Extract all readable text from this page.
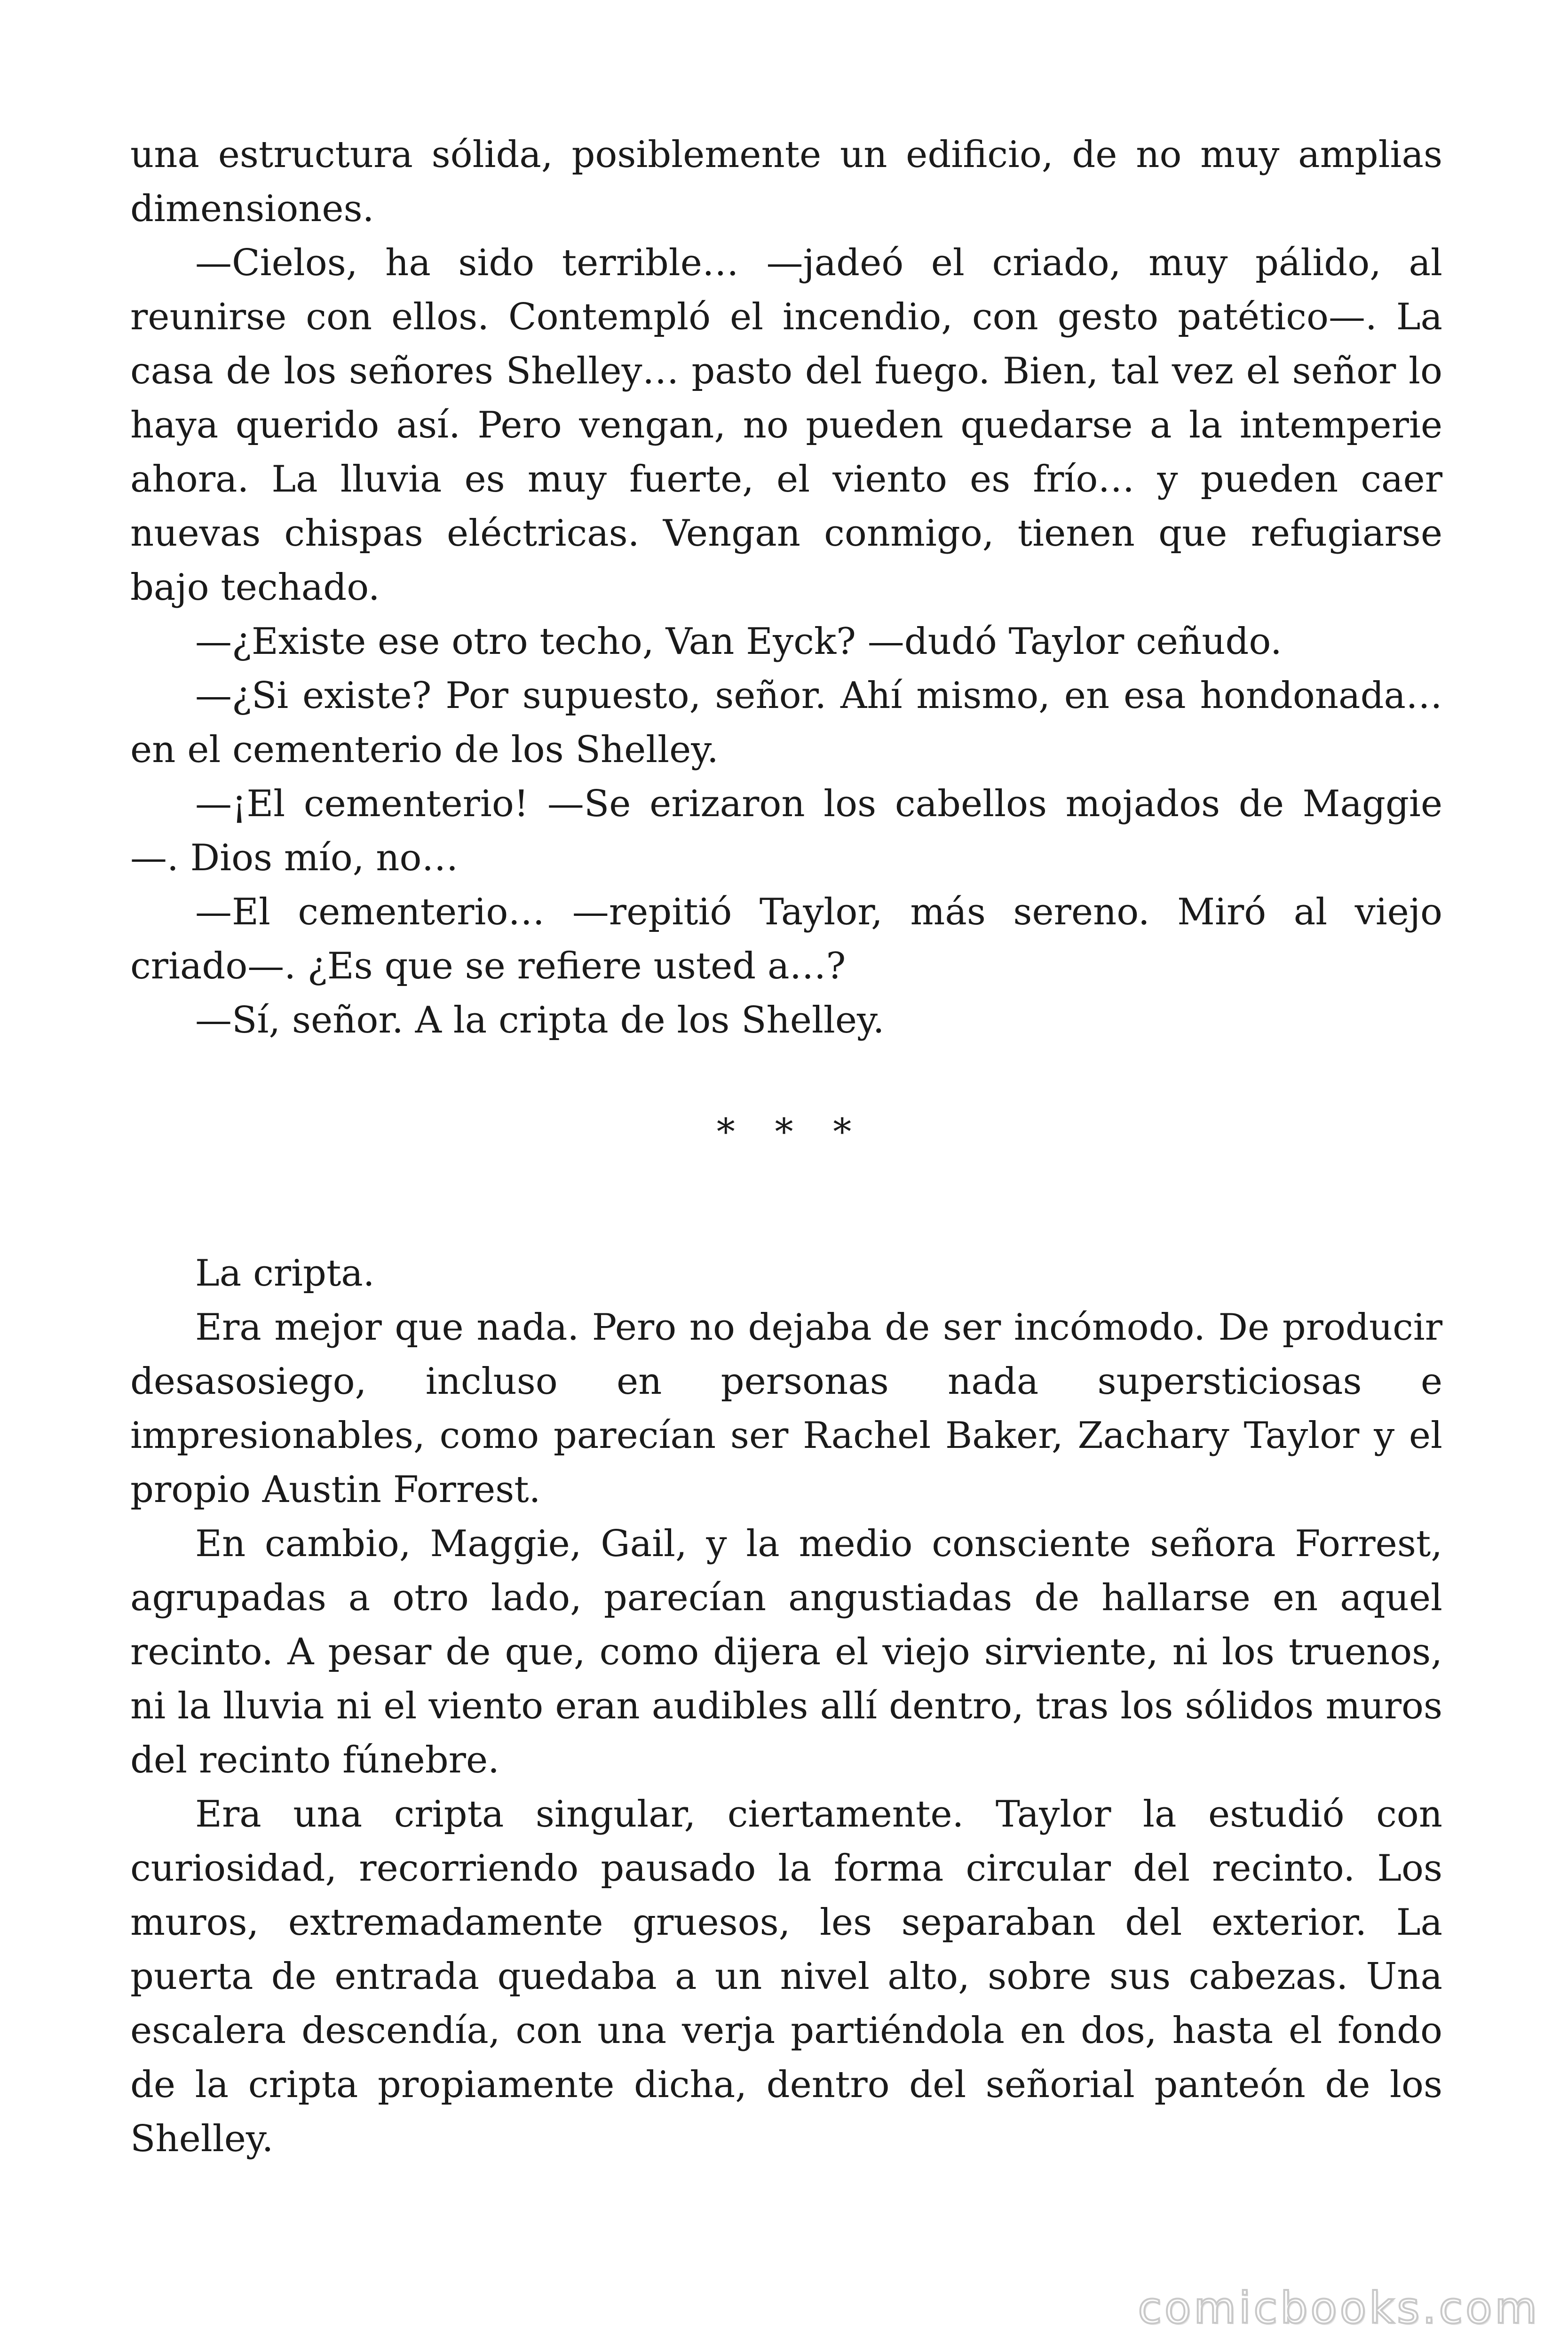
una estructura sólida, posiblemente un edificio, de no muy amplias dimensiones.

—Cielos, ha sido terrible… —jadeó el criado, muy pálido, al reunirse con ellos. Contempló el incendio, con gesto patético—. La casa de los señores Shelley… pasto del fuego. Bien, tal vez el señor lo haya querido así. Pero vengan, no pueden quedarse a la intemperie ahora. La lluvia es muy fuerte, el viento es frío… y pueden caer nuevas chispas eléctricas. Vengan conmigo, tienen que refugiarse bajo techado.

—¿Existe ese otro techo, Van Eyck? —dudó Taylor ceñudo.

—¿Si existe? Por supuesto, señor. Ahí mismo, en esa hondonada… en el cementerio de los Shelley.

—¡El cementerio! —Se erizaron los cabellos mojados de Maggie —. Dios mío, no…

—El cementerio… —repitió Taylor, más sereno. Miró al viejo criado—. ¿Es que se refiere usted a…?

—Sí, señor. A la cripta de los Shelley.

* * *

La cripta.

Era mejor que nada. Pero no dejaba de ser incómodo. De producir desasosiego, incluso en personas nada supersticiosas e impresionables, como parecían ser Rachel Baker, Zachary Taylor y el propio Austin Forrest.

En cambio, Maggie, Gail, y la medio consciente señora Forrest, agrupadas a otro lado, parecían angustiadas de hallarse en aquel recinto. A pesar de que, como dijera el viejo sirviente, ni los truenos, ni la lluvia ni el viento eran audibles allí dentro, tras los sólidos muros del recinto fúnebre.

Era una cripta singular, ciertamente. Taylor la estudió con curiosidad, recorriendo pausado la forma circular del recinto. Los muros, extremadamente gruesos, les separaban del exterior. La puerta de entrada quedaba a un nivel alto, sobre sus cabezas. Una escalera descendía, con una verja partiéndola en dos, hasta el fondo de la cripta propiamente dicha, dentro del señorial panteón de los Shelley.

comicbooks.com
